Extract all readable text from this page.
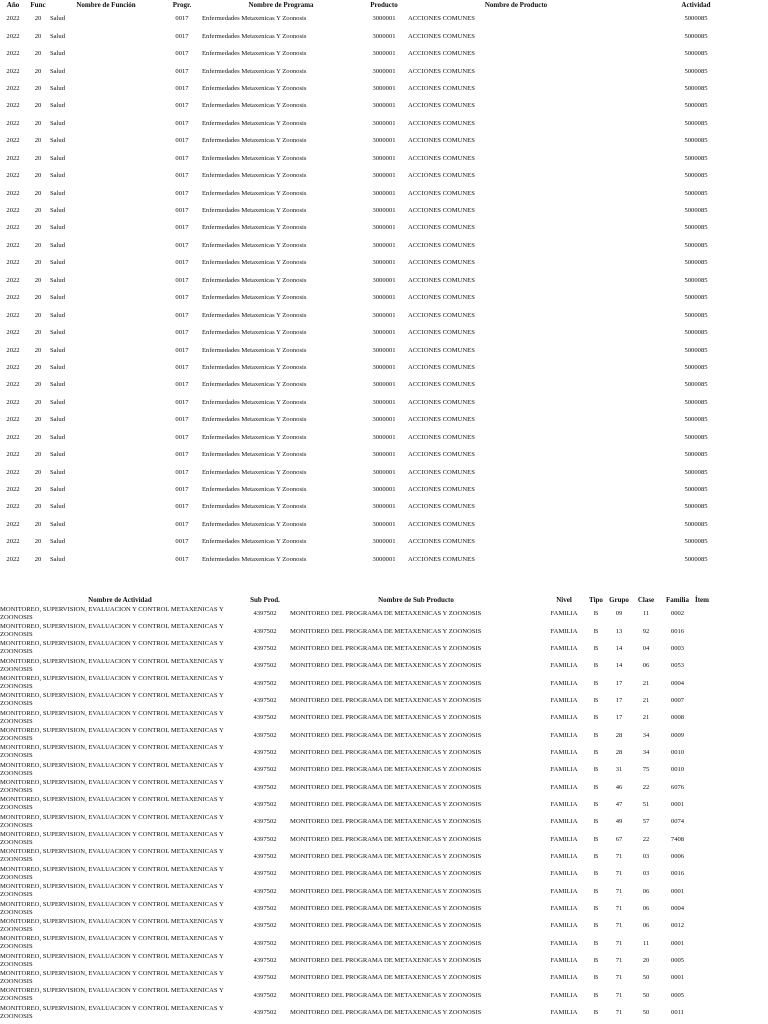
Año	Func	Nombre de Función	Progr.	Nombre de Programa	Producto	Nombre de Producto	Actividad
2022	20	Salud	0017	Enfermedades Metaxenicas Y Zoonosis	3000001	ACCIONES COMUNES	5000085
2022	20	Salud	0017	Enfermedades Metaxenicas Y Zoonosis	3000001	ACCIONES COMUNES	5000085
2022	20	Salud	0017	Enfermedades Metaxenicas Y Zoonosis	3000001	ACCIONES COMUNES	5000085
2022	20	Salud	0017	Enfermedades Metaxenicas Y Zoonosis	3000001	ACCIONES COMUNES	5000085
2022	20	Salud	0017	Enfermedades Metaxenicas Y Zoonosis	3000001	ACCIONES COMUNES	5000085
2022	20	Salud	0017	Enfermedades Metaxenicas Y Zoonosis	3000001	ACCIONES COMUNES	5000085
2022	20	Salud	0017	Enfermedades Metaxenicas Y Zoonosis	3000001	ACCIONES COMUNES	5000085
2022	20	Salud	0017	Enfermedades Metaxenicas Y Zoonosis	3000001	ACCIONES COMUNES	5000085
2022	20	Salud	0017	Enfermedades Metaxenicas Y Zoonosis	3000001	ACCIONES COMUNES	5000085
2022	20	Salud	0017	Enfermedades Metaxenicas Y Zoonosis	3000001	ACCIONES COMUNES	5000085
2022	20	Salud	0017	Enfermedades Metaxenicas Y Zoonosis	3000001	ACCIONES COMUNES	5000085
2022	20	Salud	0017	Enfermedades Metaxenicas Y Zoonosis	3000001	ACCIONES COMUNES	5000085
2022	20	Salud	0017	Enfermedades Metaxenicas Y Zoonosis	3000001	ACCIONES COMUNES	5000085
2022	20	Salud	0017	Enfermedades Metaxenicas Y Zoonosis	3000001	ACCIONES COMUNES	5000085
2022	20	Salud	0017	Enfermedades Metaxenicas Y Zoonosis	3000001	ACCIONES COMUNES	5000085
2022	20	Salud	0017	Enfermedades Metaxenicas Y Zoonosis	3000001	ACCIONES COMUNES	5000085
2022	20	Salud	0017	Enfermedades Metaxenicas Y Zoonosis	3000001	ACCIONES COMUNES	5000085
2022	20	Salud	0017	Enfermedades Metaxenicas Y Zoonosis	3000001	ACCIONES COMUNES	5000085
2022	20	Salud	0017	Enfermedades Metaxenicas Y Zoonosis	3000001	ACCIONES COMUNES	5000085
2022	20	Salud	0017	Enfermedades Metaxenicas Y Zoonosis	3000001	ACCIONES COMUNES	5000085
2022	20	Salud	0017	Enfermedades Metaxenicas Y Zoonosis	3000001	ACCIONES COMUNES	5000085
2022	20	Salud	0017	Enfermedades Metaxenicas Y Zoonosis	3000001	ACCIONES COMUNES	5000085
2022	20	Salud	0017	Enfermedades Metaxenicas Y Zoonosis	3000001	ACCIONES COMUNES	5000085
2022	20	Salud	0017	Enfermedades Metaxenicas Y Zoonosis	3000001	ACCIONES COMUNES	5000085
2022	20	Salud	0017	Enfermedades Metaxenicas Y Zoonosis	3000001	ACCIONES COMUNES	5000085
2022	20	Salud	0017	Enfermedades Metaxenicas Y Zoonosis	3000001	ACCIONES COMUNES	5000085
2022	20	Salud	0017	Enfermedades Metaxenicas Y Zoonosis	3000001	ACCIONES COMUNES	5000085
2022	20	Salud	0017	Enfermedades Metaxenicas Y Zoonosis	3000001	ACCIONES COMUNES	5000085
2022	20	Salud	0017	Enfermedades Metaxenicas Y Zoonosis	3000001	ACCIONES COMUNES	5000085
2022	20	Salud	0017	Enfermedades Metaxenicas Y Zoonosis	3000001	ACCIONES COMUNES	5000085
2022	20	Salud	0017	Enfermedades Metaxenicas Y Zoonosis	3000001	ACCIONES COMUNES	5000085
2022	20	Salud	0017	Enfermedades Metaxenicas Y Zoonosis	3000001	ACCIONES COMUNES	5000085
Nombre de Actividad	Sub Prod.	Nombre de Sub Producto	Nivel	Tipo	Grupo	Clase	Familia	Ítem
MONITOREO, SUPERVISION, EVALUACION Y CONTROL METAXENICAS Y ZOONOSIS	4397502	MONITOREO DEL PROGRAMA DE METAXENICAS Y ZOONOSIS	FAMILIA	B	09	11	0002	
MONITOREO, SUPERVISION, EVALUACION Y CONTROL METAXENICAS Y ZOONOSIS	4397502	MONITOREO DEL PROGRAMA DE METAXENICAS Y ZOONOSIS	FAMILIA	B	13	92	0016	
MONITOREO, SUPERVISION, EVALUACION Y CONTROL METAXENICAS Y ZOONOSIS	4397502	MONITOREO DEL PROGRAMA DE METAXENICAS Y ZOONOSIS	FAMILIA	B	14	04	0003	
MONITOREO, SUPERVISION, EVALUACION Y CONTROL METAXENICAS Y ZOONOSIS	4397502	MONITOREO DEL PROGRAMA DE METAXENICAS Y ZOONOSIS	FAMILIA	B	14	06	0053	
MONITOREO, SUPERVISION, EVALUACION Y CONTROL METAXENICAS Y ZOONOSIS	4397502	MONITOREO DEL PROGRAMA DE METAXENICAS Y ZOONOSIS	FAMILIA	B	17	21	0004	
MONITOREO, SUPERVISION, EVALUACION Y CONTROL METAXENICAS Y ZOONOSIS	4397502	MONITOREO DEL PROGRAMA DE METAXENICAS Y ZOONOSIS	FAMILIA	B	17	21	0007	
MONITOREO, SUPERVISION, EVALUACION Y CONTROL METAXENICAS Y ZOONOSIS	4397502	MONITOREO DEL PROGRAMA DE METAXENICAS Y ZOONOSIS	FAMILIA	B	17	21	0008	
MONITOREO, SUPERVISION, EVALUACION Y CONTROL METAXENICAS Y ZOONOSIS	4397502	MONITOREO DEL PROGRAMA DE METAXENICAS Y ZOONOSIS	FAMILIA	B	28	34	0009	
MONITOREO, SUPERVISION, EVALUACION Y CONTROL METAXENICAS Y ZOONOSIS	4397502	MONITOREO DEL PROGRAMA DE METAXENICAS Y ZOONOSIS	FAMILIA	B	28	34	0010	
MONITOREO, SUPERVISION, EVALUACION Y CONTROL METAXENICAS Y ZOONOSIS	4397502	MONITOREO DEL PROGRAMA DE METAXENICAS Y ZOONOSIS	FAMILIA	B	31	75	0010	
MONITOREO, SUPERVISION, EVALUACION Y CONTROL METAXENICAS Y ZOONOSIS	4397502	MONITOREO DEL PROGRAMA DE METAXENICAS Y ZOONOSIS	FAMILIA	B	46	22	6076	
MONITOREO, SUPERVISION, EVALUACION Y CONTROL METAXENICAS Y ZOONOSIS	4397502	MONITOREO DEL PROGRAMA DE METAXENICAS Y ZOONOSIS	FAMILIA	B	47	51	0001	
MONITOREO, SUPERVISION, EVALUACION Y CONTROL METAXENICAS Y ZOONOSIS	4397502	MONITOREO DEL PROGRAMA DE METAXENICAS Y ZOONOSIS	FAMILIA	B	49	57	0074	
MONITOREO, SUPERVISION, EVALUACION Y CONTROL METAXENICAS Y ZOONOSIS	4397502	MONITOREO DEL PROGRAMA DE METAXENICAS Y ZOONOSIS	FAMILIA	B	67	22	7408	
MONITOREO, SUPERVISION, EVALUACION Y CONTROL METAXENICAS Y ZOONOSIS	4397502	MONITOREO DEL PROGRAMA DE METAXENICAS Y ZOONOSIS	FAMILIA	B	71	03	0006	
MONITOREO, SUPERVISION, EVALUACION Y CONTROL METAXENICAS Y ZOONOSIS	4397502	MONITOREO DEL PROGRAMA DE METAXENICAS Y ZOONOSIS	FAMILIA	B	71	03	0016	
MONITOREO, SUPERVISION, EVALUACION Y CONTROL METAXENICAS Y ZOONOSIS	4397502	MONITOREO DEL PROGRAMA DE METAXENICAS Y ZOONOSIS	FAMILIA	B	71	06	0001	
MONITOREO, SUPERVISION, EVALUACION Y CONTROL METAXENICAS Y ZOONOSIS	4397502	MONITOREO DEL PROGRAMA DE METAXENICAS Y ZOONOSIS	FAMILIA	B	71	06	0004	
MONITOREO, SUPERVISION, EVALUACION Y CONTROL METAXENICAS Y ZOONOSIS	4397502	MONITOREO DEL PROGRAMA DE METAXENICAS Y ZOONOSIS	FAMILIA	B	71	06	0012	
MONITOREO, SUPERVISION, EVALUACION Y CONTROL METAXENICAS Y ZOONOSIS	4397502	MONITOREO DEL PROGRAMA DE METAXENICAS Y ZOONOSIS	FAMILIA	B	71	11	0001	
MONITOREO, SUPERVISION, EVALUACION Y CONTROL METAXENICAS Y ZOONOSIS	4397502	MONITOREO DEL PROGRAMA DE METAXENICAS Y ZOONOSIS	FAMILIA	B	71	20	0005	
MONITOREO, SUPERVISION, EVALUACION Y CONTROL METAXENICAS Y ZOONOSIS	4397502	MONITOREO DEL PROGRAMA DE METAXENICAS Y ZOONOSIS	FAMILIA	B	71	50	0001	
MONITOREO, SUPERVISION, EVALUACION Y CONTROL METAXENICAS Y ZOONOSIS	4397502	MONITOREO DEL PROGRAMA DE METAXENICAS Y ZOONOSIS	FAMILIA	B	71	50	0005	
MONITOREO, SUPERVISION, EVALUACION Y CONTROL METAXENICAS Y ZOONOSIS	4397502	MONITOREO DEL PROGRAMA DE METAXENICAS Y ZOONOSIS	FAMILIA	B	71	50	0011	
